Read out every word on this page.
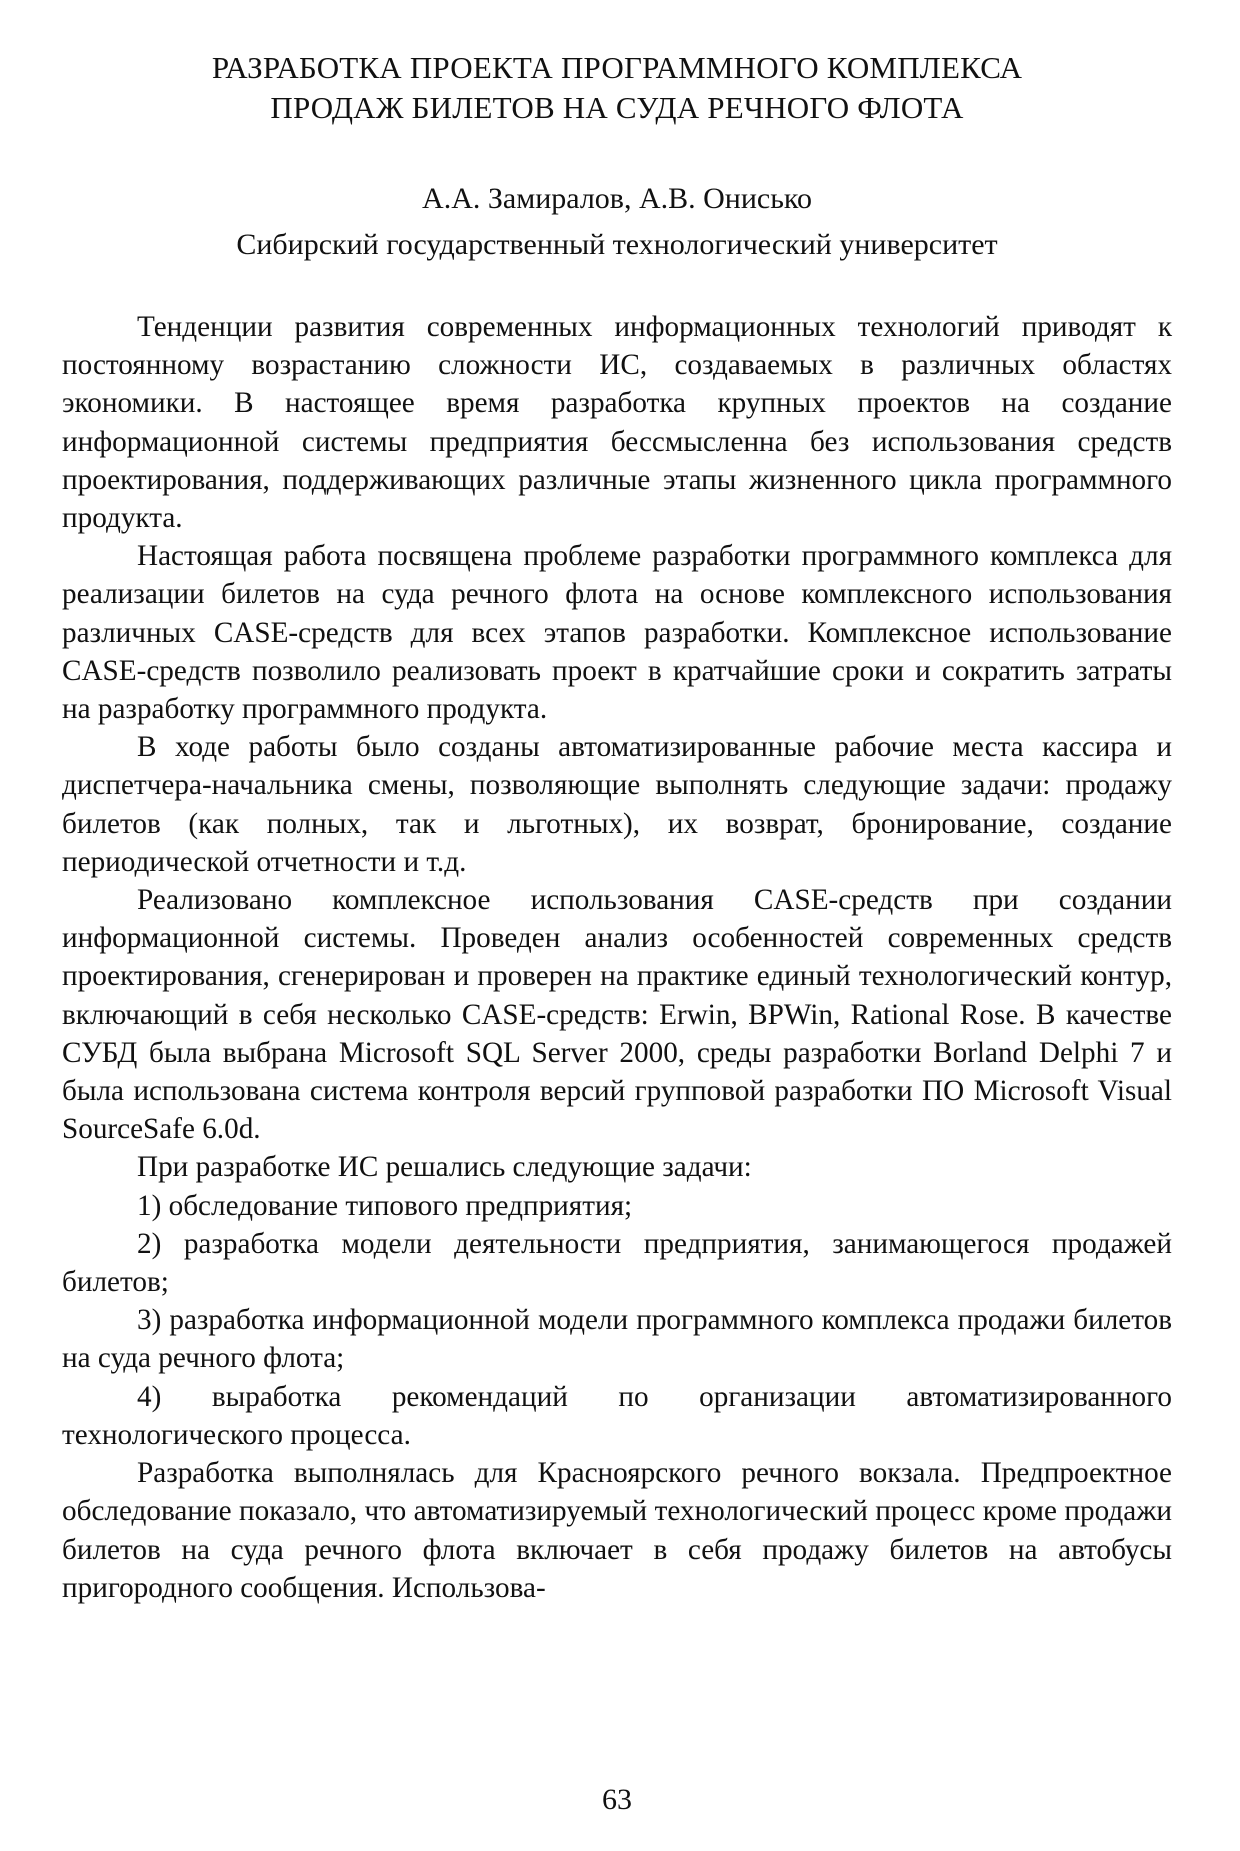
РАЗРАБОТКА ПРОЕКТА ПРОГРАММНОГО КОМПЛЕКСА
ПРОДАЖ БИЛЕТОВ НА СУДА РЕЧНОГО ФЛОТА

А.А. Замиралов, А.В. Онисько

Сибирский государственный технологический университет

Тенденции развития современных информационных технологий приводят к постоянному возрастанию сложности ИС, создаваемых в различных областях экономики. В настоящее время разработка крупных проектов на создание информационной системы предприятия бессмысленна без использования средств проектирования, поддерживающих различные этапы жизненного цикла программного продукта.

Настоящая работа посвящена проблеме разработки программного комплекса для реализации билетов на суда речного флота на основе комплексного использования различных CASE-средств для всех этапов разработки. Комплексное использование CASE-средств позволило реализовать проект в кратчайшие сроки и сократить затраты на разработку программного продукта.

В ходе работы было созданы автоматизированные рабочие места кассира и диспетчера-начальника смены, позволяющие выполнять следующие задачи: продажу билетов (как полных, так и льготных), их возврат, бронирование, создание периодической отчетности и т.д.

Реализовано комплексное использования CASE-средств при создании информационной системы. Проведен анализ особенностей современных средств проектирования, сгенерирован и проверен на практике единый технологический контур, включающий в себя несколько CASE-средств: Erwin, BPWin, Rational Rose. В качестве СУБД была выбрана Microsoft SQL Server 2000, среды разработки Borland Delphi 7 и была использована система контроля версий групповой разработки ПО Microsoft Visual SourceSafe 6.0d.

При разработке ИС решались следующие задачи:

1) обследование типового предприятия;

2) разработка модели деятельности предприятия, занимающегося продажей билетов;

3) разработка информационной модели программного комплекса продажи билетов на суда речного флота;

4) выработка рекомендаций по организации автоматизированного технологического процесса.

Разработка выполнялась для Красноярского речного вокзала. Предпроектное обследование показало, что автоматизируемый технологический процесс кроме продажи билетов на суда речного флота включает в себя продажу билетов на автобусы пригородного сообщения. Использова-

63
